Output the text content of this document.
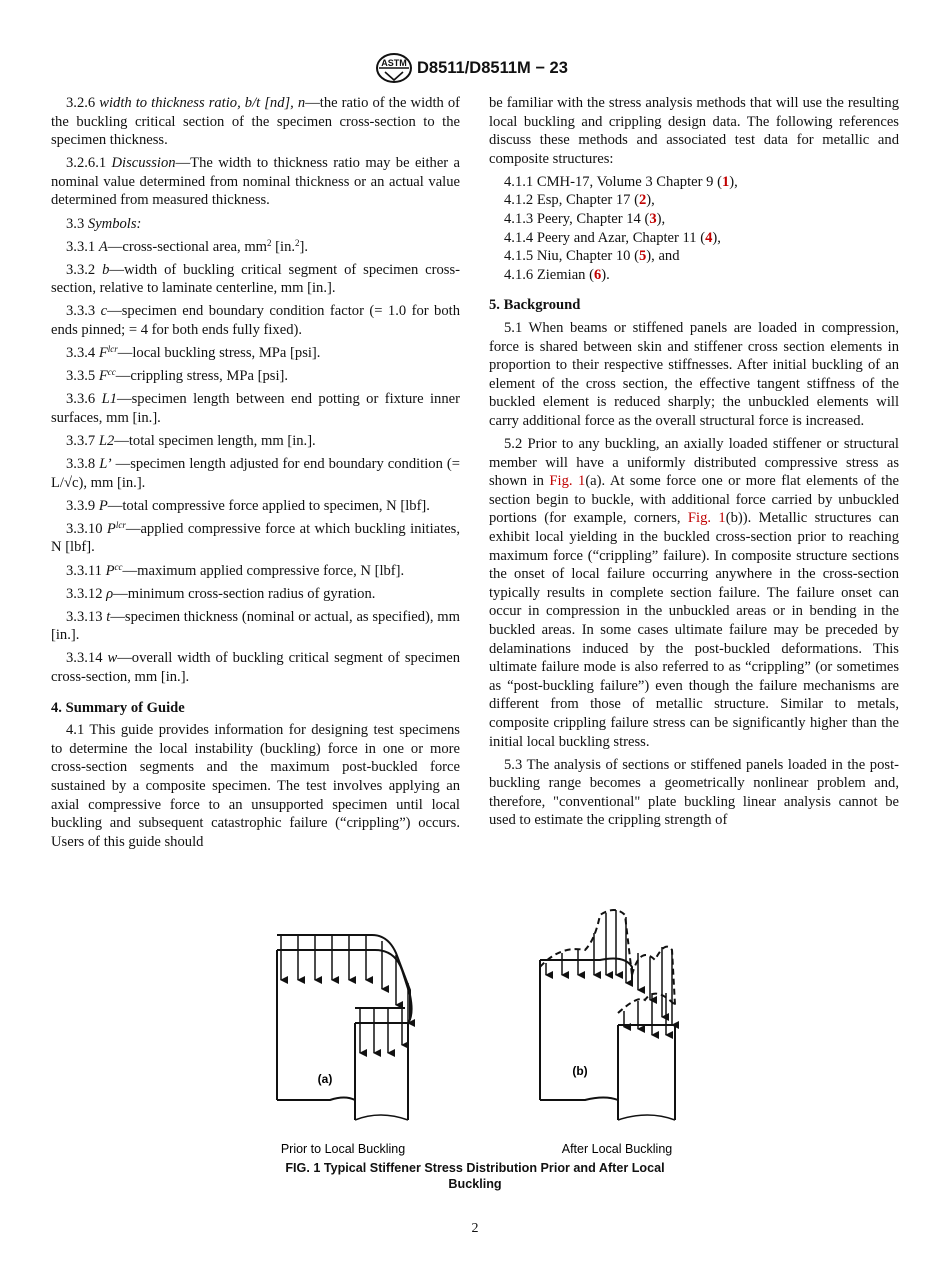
ASTM D8511/D8511M − 23

3.2.6 width to thickness ratio, b/t [nd], n—the ratio of the width of the buckling critical section of the specimen cross-section to the specimen thickness.

3.2.6.1 Discussion—The width to thickness ratio may be either a nominal value determined from nominal thickness or an actual value determined from measured thickness.

3.3 Symbols:

3.3.1 A—cross-sectional area, $mm^2$ [in.$^2$].

3.3.2 b—width of buckling critical segment of specimen cross-section, relative to laminate centerline, mm [in.].

3.3.3 c—specimen end boundary condition factor (= 1.0 for both ends pinned; = 4 for both ends fully fixed).

3.3.4 $F^{lcr}—local$ buckling stress, MPa [psi].

3.3.5 $F^{cc}—crippling$ stress, MPa [psi].

3.3.6 L1—specimen length between end potting or fixture inner surfaces, mm [in.].

3.3.7 L2—total specimen length, mm [in.].

3.3.8 L’ —specimen length adjusted for end boundary condition (= L/√c), mm [in.].

3.3.9 P—total compressive force applied to specimen, N [lbf].

3.3.10 $P^{lcr}—applied$ compressive force at which buckling initiates, N [lbf].

3.3.11 $P^{cc}—maximum$ applied compressive force, N [lbf].

3.3.12 ρ—minimum cross-section radius of gyration.

3.3.13 t—specimen thickness (nominal or actual, as specified), mm [in.].

3.3.14 w—overall width of buckling critical segment of specimen cross-section, mm [in.].

4. Summary of Guide

4.1 This guide provides information for designing test specimens to determine the local instability (buckling) force in one or more cross-section segments and the maximum post-buckled force sustained by a composite specimen. The test involves applying an axial compressive force to an unsupported specimen until local buckling and subsequent catastrophic failure (“crippling”) occurs. Users of this guide should

be familiar with the stress analysis methods that will use the resulting local buckling and crippling design data. The following references discuss these methods and associated test data for metallic and composite structures:

4.1.1 CMH-17, Volume 3 Chapter 9 (1),

4.1.2 Esp, Chapter 17 (2),

4.1.3 Peery, Chapter 14 (3),

4.1.4 Peery and Azar, Chapter 11 (4),

4.1.5 Niu, Chapter 10 (5), and

4.1.6 Ziemian (6).

5. Background

5.1 When beams or stiffened panels are loaded in compression, force is shared between skin and stiffener cross section elements in proportion to their respective stiffnesses. After initial buckling of an element of the cross section, the effective tangent stiffness of the buckled element is reduced sharply; the unbuckled elements will carry additional force as the overall structural force is increased.

5.2 Prior to any buckling, an axially loaded stiffener or structural member will have a uniformly distributed compressive stress as shown in Fig. 1(a). At some force one or more flat elements of the section begin to buckle, with additional force carried by unbuckled portions (for example, corners, Fig. 1(b)). Metallic structures can exhibit local yielding in the buckled cross-section prior to reaching maximum force (“crippling” failure). In composite structure sections the onset of local failure occurring anywhere in the cross-section typically results in complete section failure. The failure onset can occur in compression in the unbuckled areas or in bending in the buckled areas. In some cases ultimate failure may be preceded by delaminations induced by the post-buckled deformations. This ultimate failure mode is also referred to as “crippling” (or sometimes as “post-buckling failure”) even though the failure mechanisms are different from those of metallic structure. Similar to metals, composite crippling failure stress can be significantly higher than the initial local buckling stress.

5.3 The analysis of sections or stiffened panels loaded in the post-buckling range becomes a geometrically nonlinear problem and, therefore, "conventional" plate buckling linear analysis cannot be used to estimate the crippling strength of

(a)
(b)
Prior to Local Buckling	After Local Buckling
FIG. 1 Typical Stiffener Stress Distribution Prior and After Local Buckling
2
